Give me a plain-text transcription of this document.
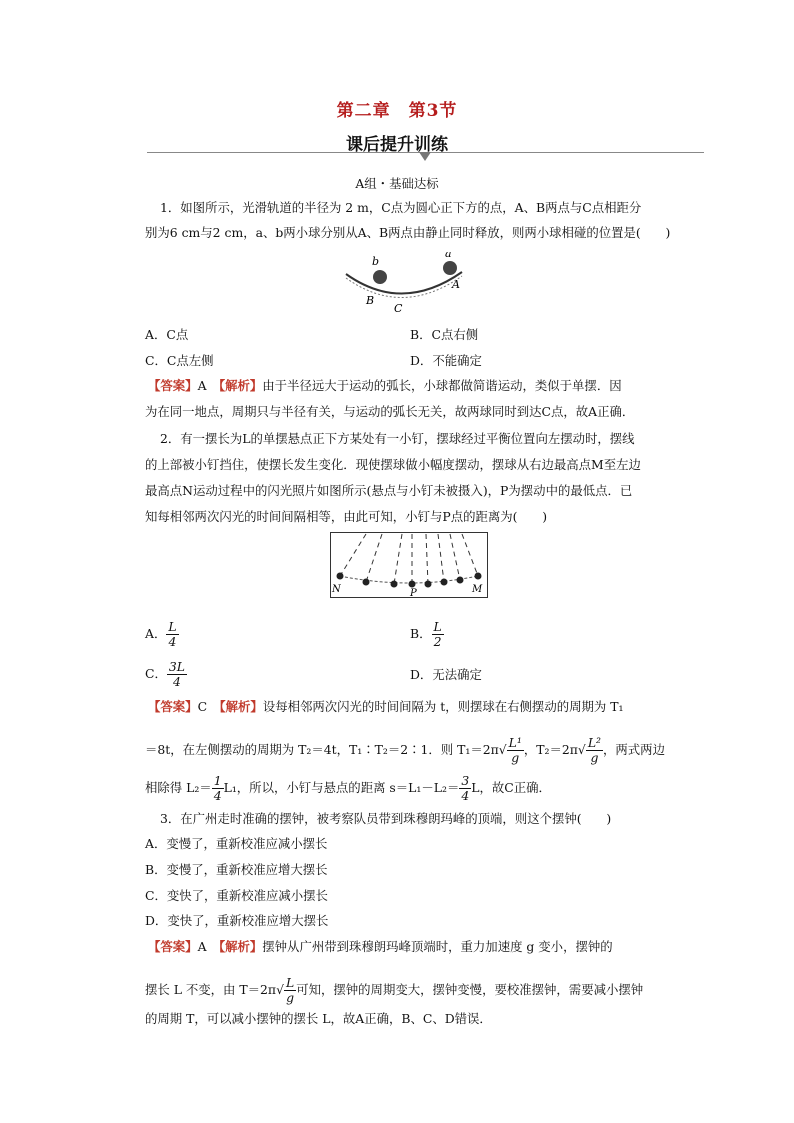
第二章 第3节
课后提升训练
A组・基础达标
1．如图所示，光滑轨道的半径为 2 m，C点为圆心正下方的点，A、B两点与C点相距分
别为6 cm与2 cm，a、b两小球分别从A、B两点由静止同时释放，则两小球相碰的位置是(　　)
b
a
B
C
A
A．C点	B．C点右侧
C．C点左侧	D．不能确定
【答案】A　 【解析】由于半径远大于运动的弧长，小球都做简谐运动，类似于单摆．因
为在同一地点，周期只与半径有关，与运动的弧长无关，故两球同时到达C点，故A正确．
2．有一摆长为L的单摆悬点正下方某处有一小钉，摆球经过平衡位置向左摆动时，摆线
的上部被小钉挡住，使摆长发生变化．现使摆球做小幅度摆动，摆球从右边最高点M至左边
最高点N运动过程中的闪光照片如图所示(悬点与小钉未被摄入)，P为摆动中的最低点．已
知每相邻两次闪光的时间间隔相等，由此可知，小钉与P点的距离为(　　)
N	P	M
A． $\frac{L}{4}$	B． $\frac{L}{2}$
C． $\frac{3L}{4}$	D．无法确定
【答案】C　 【解析】设每相邻两次闪光的时间间隔为 t，则摆球在右侧摆动的周期为 T₁
＝8t，在左侧摆动的周期为 T₂＝4t，T₁∶T₂＝2∶1．则 $T_1=2\pi√ \frac{\text{L¹}}{g}$ ，$T_2=2\pi√ \frac{\text{L²}}{g}$ ，两式两边
相除得 $L_2= \frac{1}{4} L_1$，所以，小钉与悬点的距离 $s=L_1-L_2= \frac{3}{4}$ L，故C正确．
3．在广州走时准确的摆钟，被考察队员带到珠穆朗玛峰的顶端，则这个摆钟(　　)
A．变慢了，重新校准应减小摆长
B．变慢了，重新校准应增大摆长
C．变快了，重新校准应减小摆长
D．变快了，重新校准应增大摆长
【答案】A　 【解析】摆钟从广州带到珠穆朗玛峰顶端时，重力加速度 g 变小，摆钟的
摆长 L 不变，由 $T=2\pi√ \frac{L}{g}$ 可知，摆钟的周期变大，摆钟变慢，要校准摆钟，需要减小摆钟
的周期 T，可以减小摆钟的摆长 L，故A正确，B、C、D错误．
